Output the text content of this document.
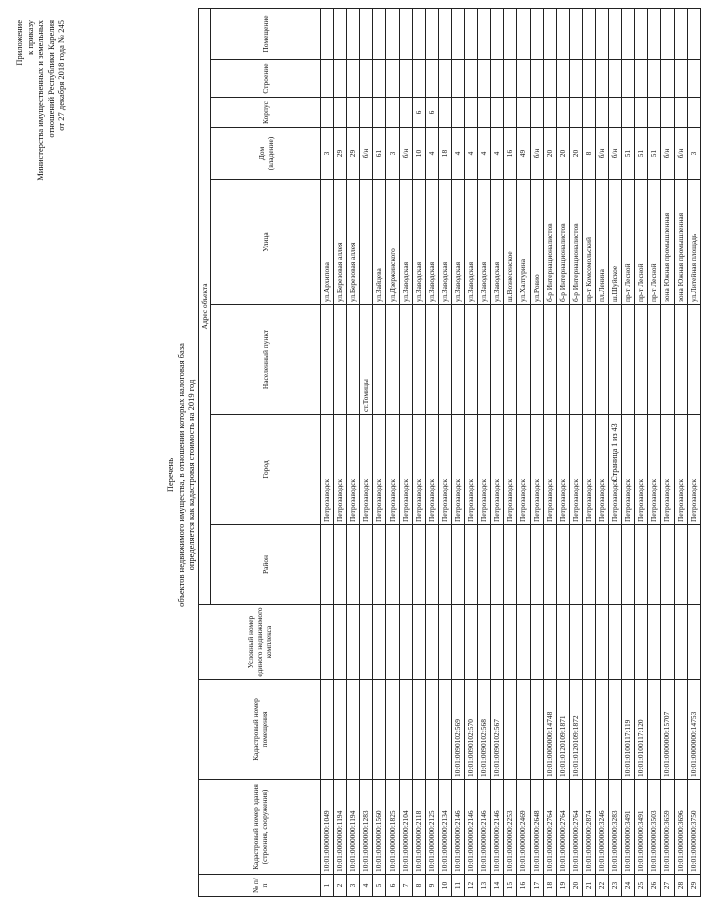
Приложение к приказу Министерства имущественных и земельных отношений Республики Карелия от 27 декабря 2018 года № 245
Перечень объектов недвижимого имущества, в отношении которых налоговая база определяется как кадастровая стоимость на 2019 год
№ п/п	Кадастровый номер здания (строения, сооружения)	Кадастровый номер помещения	Условный номер единого недвижимого комплекса	Адрес объекта							
				Район	Город	Населенный пункт	Улица	Дом (владение)	Корпус	Строение	Помещение
1	10:01:0000000:1049				Петрозаводск		ул.Архипова	3			
2	10:01:0000000:1194				Петрозаводск		ул.Березовая аллея	29			
3	10:01:0000000:1194				Петрозаводск		ул.Березовая аллея	29			
4	10:01:0000000:1283				Петрозаводск	ст.Томицы		б/н			
5	10:01:0000000:1560				Петрозаводск		ул.Зайцева	61			
6	10:01:0000000:1825				Петрозаводск		ул.Дзержинского	3			
7	10:01:0000000:2104				Петрозаводск		ул.Заводская	б/н			
8	10:01:0000000:2118				Петрозаводск		ул.Заводская	10	6		
9	10:01:0000000:2125				Петрозаводск		ул.Заводская	4	6		
10	10:01:0000000:2134				Петрозаводск		ул.Заводская	18			
11	10:01:0000000:2146	10:01:0090102:569			Петрозаводск		ул.Заводская	4			
12	10:01:0000000:2146	10:01:0090102:570			Петрозаводск		ул.Заводская	4			
13	10:01:0000000:2146	10:01:0090102:568			Петрозаводск		ул.Заводская	4			
14	10:01:0000000:2146	10:01:0090102:567			Петрозаводск		ул.Заводская	4			
15	10:01:0000000:2253				Петрозаводск		ш.Вознесенское	16			
16	10:01:0000000:2469				Петрозаводск		ул.Халтурина	49			
17	10:01:0000000:2648				Петрозаводск		ул.Ровио	б/н			
18	10:01:0000000:2764	10:01:0000000:14748			Петрозаводск		б-р Интернационалистов	20			
19	10:01:0000000:2764	10:01:0120109:1871			Петрозаводск		б-р Интернационалистов	20			
20	10:01:0000000:2764	10:01:0120109:1872			Петрозаводск		б-р Интернационалистов	20			
21	10:01:0000000:2874				Петрозаводск		пр-т Комсомольский	8			
22	10:01:0000000:3246				Петрозаводск		пл.Ленина	б/н			
23	10:01:0000000:3283				Петрозаводск		ш.Шуйское	б/н			
24	10:01:0000000:3491	10:01:0100117:119			Петрозаводск		пр-т Лесной	51			
25	10:01:0000000:3491	10:01:0100117:120			Петрозаводск		пр-т Лесной	51			
26	10:01:0000000:3503				Петрозаводск		пр-т Лесной	51			
27	10:01:0000000:3659	10:01:0000000:15707			Петрозаводск		зона Южная промышленная	б/н			
28	10:01:0000000:3696				Петрозаводск		зона Южная промышленная	б/н			
29	10:01:0000000:3750	10:01:0000000:14753			Петрозаводск		ул.Литейная площадь	3			
Страница 1 из 43
